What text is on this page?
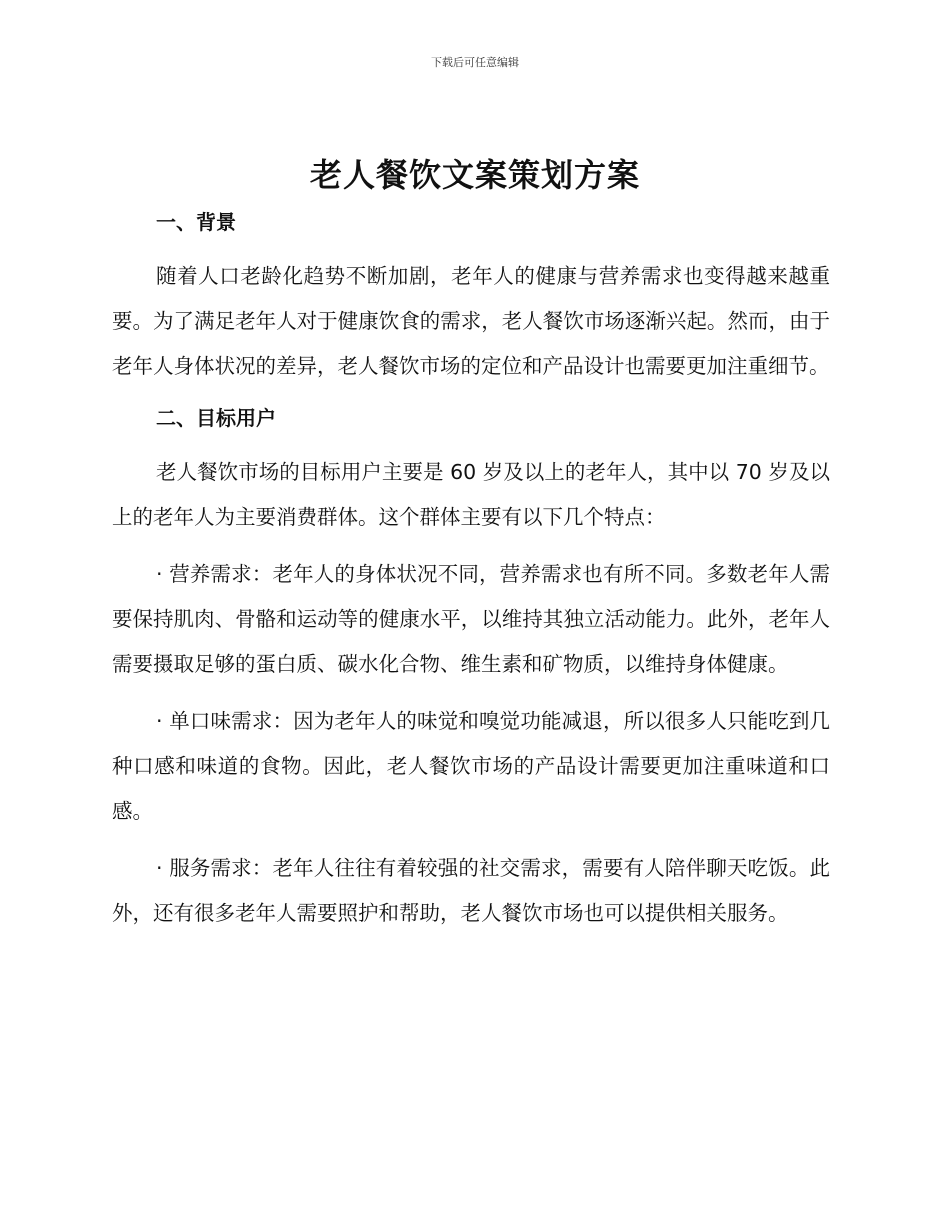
下载后可任意编辑
老人餐饮文案策划方案
一、背景

随着人口老龄化趋势不断加剧，老年人的健康与营养需求也变得越来越重要。为了满足老年人对于健康饮食的需求，老人餐饮市场逐渐兴起。然而，由于老年人身体状况的差异，老人餐饮市场的定位和产品设计也需要更加注重细节。

二、目标用户

老人餐饮市场的目标用户主要是 60 岁及以上的老年人，其中以 70 岁及以上的老年人为主要消费群体。这个群体主要有以下几个特点：

· 营养需求：老年人的身体状况不同，营养需求也有所不同。多数老年人需要保持肌肉、骨骼和运动等的健康水平，以维持其独立活动能力。此外，老年人需要摄取足够的蛋白质、碳水化合物、维生素和矿物质，以维持身体健康。

· 单口味需求：因为老年人的味觉和嗅觉功能减退，所以很多人只能吃到几种口感和味道的食物。因此，老人餐饮市场的产品设计需要更加注重味道和口感。

· 服务需求：老年人往往有着较强的社交需求，需要有人陪伴聊天吃饭。此外，还有很多老年人需要照护和帮助，老人餐饮市场也可以提供相关服务。
